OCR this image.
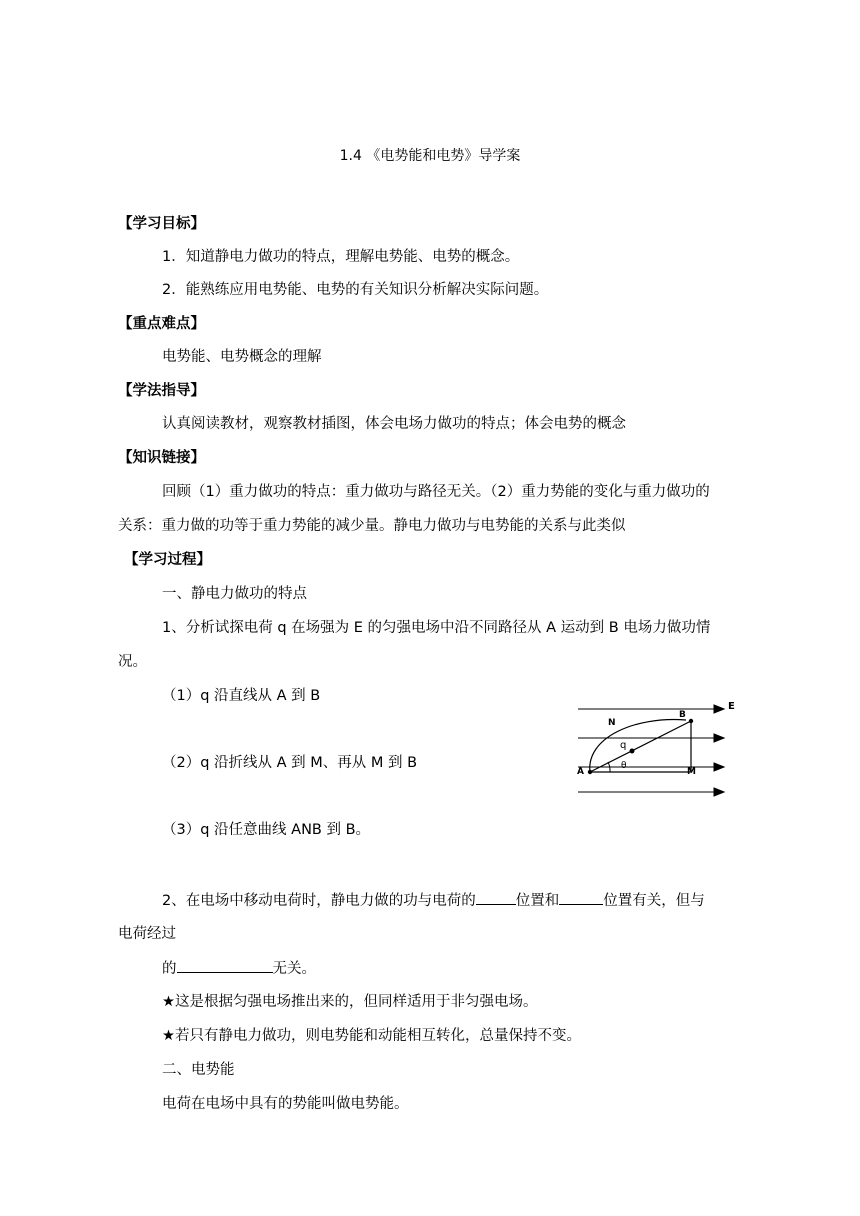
1.4 《电势能和电势》导学案
【学习目标】
1．知道静电力做功的特点，理解电势能、电势的概念。
2．能熟练应用电势能、电势的有关知识分析解决实际问题。
【重点难点】
电势能、电势概念的理解
【学法指导】
认真阅读教材，观察教材插图，体会电场力做功的特点；体会电势的概念
【知识链接】
回顾（1）重力做功的特点：重力做功与路径无关。（2）重力势能的变化与重力做功的
关系：重力做的功等于重力势能的减少量。静电力做功与电势能的关系与此类似
【学习过程】
一、静电力做功的特点
1、分析试探电荷 q 在场强为 E 的匀强电场中沿不同路径从 A 运动到 B 电场力做功情
况。
（1）q 沿直线从 A 到 B
（2）q 沿折线从 A 到 M、再从 M 到 B
（3）q 沿任意曲线 ANB 到 B。
E
N
B
q
θ
A	M
2、在电场中移动电荷时，静电力做的功与电荷的	位置和	位置有关，但与
电荷经过
的	无关。
★这是根据匀强电场推出来的，但同样适用于非匀强电场。
★若只有静电力做功，则电势能和动能相互转化，总量保持不变。
二、电势能
电荷在电场中具有的势能叫做电势能。
